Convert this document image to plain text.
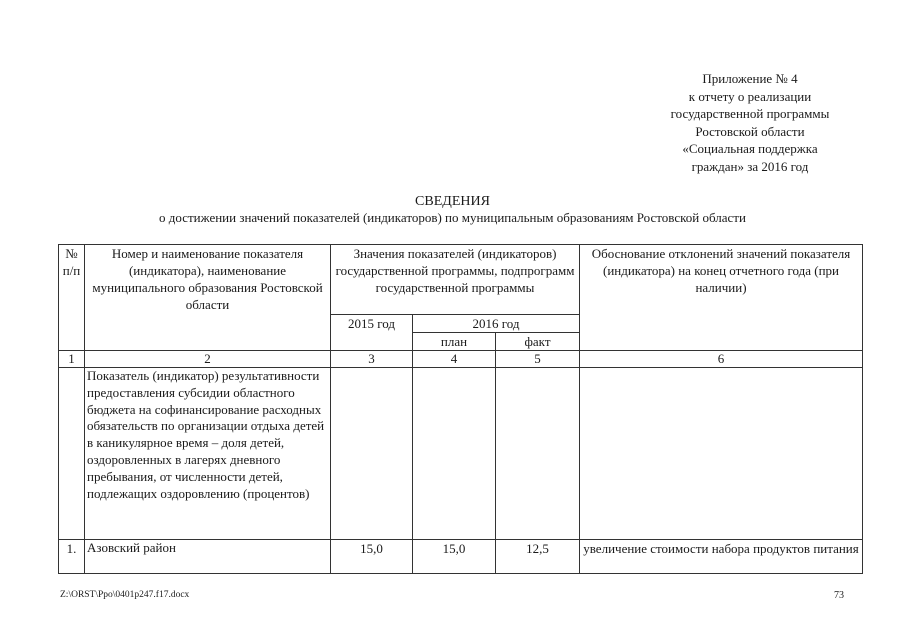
Приложение № 4
к отчету о реализации
государственной программы
Ростовской области
«Социальная поддержка
граждан» за 2016 год
СВЕДЕНИЯ
о достижении значений показателей (индикаторов) по муниципальным образованиям Ростовской области
№ п/п	Номер и наименование показателя (индикатора), наименование муниципального образования Ростовской области	Значения показателей (индикаторов) государственной программы, подпрограмм государственной программы			Обоснование отклонений значений показателя (индикатора) на конец отчетного года (при наличии)
		2015 год	2016 год		
			план	факт	
1	2	3	4	5	6
	Показатель (индикатор) результативности предоставления субсидии областного бюджета на софинансирование расходных обязательств по организации отдыха детей в каникулярное время – доля детей, оздоровленных в лагерях дневного пребывания, от численности детей, подлежащих оздоровлению (процентов)				
1.	Азовский район	15,0	15,0	12,5	увеличение стоимости набора продуктов питания
Z:\ORST\Ppo\0401p247.f17.docx	73
